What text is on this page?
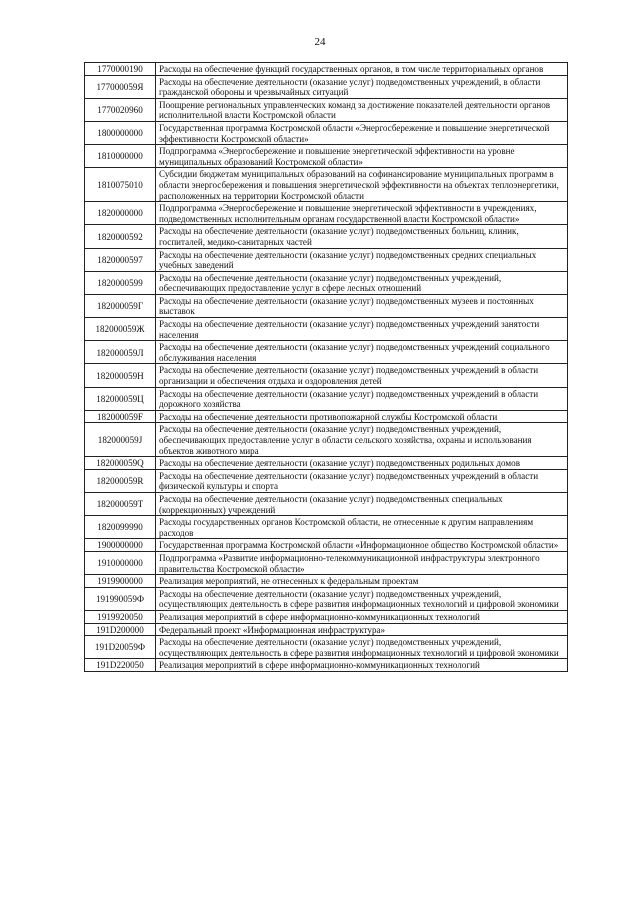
24
1770000190	Расходы на обеспечение функций государственных органов, в том числе территориальных органов
177000059Я	Расходы на обеспечение деятельности (оказание услуг) подведомственных учреждений, в области гражданской обороны и чрезвычайных ситуаций
1770020960	Поощрение региональных управленческих команд за достижение показателей деятельности органов исполнительной власти Костромской области
1800000000	Государственная программа Костромской области «Энергосбережение и повышение энергетической эффективности Костромской области»
1810000000	Подпрограмма «Энергосбережение и повышение энергетической эффективности на уровне муниципальных образований Костромской области»
1810075010	Субсидии бюджетам муниципальных образований на софинансирование муниципальных программ в области энергосбережения и повышения энергетической эффективности на объектах теплоэнергетики, расположенных на территории Костромской области
1820000000	Подпрограмма «Энергосбережение и повышение энергетической эффективности в учреждениях, подведомственных исполнительным органам государственной власти Костромской области»
1820000592	Расходы на обеспечение деятельности (оказание услуг) подведомственных больниц, клиник, госпиталей, медико-санитарных частей
1820000597	Расходы на обеспечение деятельности (оказание услуг) подведомственных средних специальных учебных заведений
1820000599	Расходы на обеспечение деятельности (оказание услуг) подведомственных учреждений, обеспечивающих предоставление услуг в сфере лесных отношений
182000059Г	Расходы на обеспечение деятельности (оказание услуг) подведомственных музеев и постоянных выставок
182000059Ж	Расходы на обеспечение деятельности (оказание услуг) подведомственных учреждений занятости населения
182000059Л	Расходы на обеспечение деятельности (оказание услуг) подведомственных учреждений социального обслуживания населения
182000059Н	Расходы на обеспечение деятельности (оказание услуг) подведомственных учреждений в области организации и обеспечения отдыха и оздоровления детей
182000059Ц	Расходы на обеспечение деятельности (оказание услуг) подведомственных учреждений в области дорожного хозяйства
182000059F	Расходы на обеспечение деятельности противопожарной службы Костромской области
182000059J	Расходы на обеспечение деятельности (оказание услуг) подведомственных учреждений, обеспечивающих предоставление услуг в области сельского хозяйства, охраны и использования объектов животного мира
182000059Q	Расходы на обеспечение деятельности (оказание услуг) подведомственных родильных домов
182000059R	Расходы на обеспечение деятельности (оказание услуг) подведомственных учреждений в области физической культуры и спорта
182000059T	Расходы на обеспечение деятельности (оказание услуг) подведомственных специальных (коррекционных) учреждений
1820099990	Расходы государственных органов Костромской области, не отнесенные к другим направлениям расходов
1900000000	Государственная программа Костромской области «Информационное общество Костромской области»
1910000000	Подпрограмма «Развитие информационно-телекоммуникационной инфраструктуры электронного правительства Костромской области»
1919900000	Реализация мероприятий, не отнесенных к федеральным проектам
191990059Ф	Расходы на обеспечение деятельности (оказание услуг) подведомственных учреждений, осуществляющих деятельность в сфере развития информационных технологий и цифровой экономики
1919920050	Реализация мероприятий в сфере информационно-коммуникационных технологий
191D200000	Федеральный проект «Информационная инфраструктура»
191D20059Ф	Расходы на обеспечение деятельности (оказание услуг) подведомственных учреждений, осуществляющих деятельность в сфере развития информационных технологий и цифровой экономики
191D220050	Реализация мероприятий в сфере информационно-коммуникационных технологий
